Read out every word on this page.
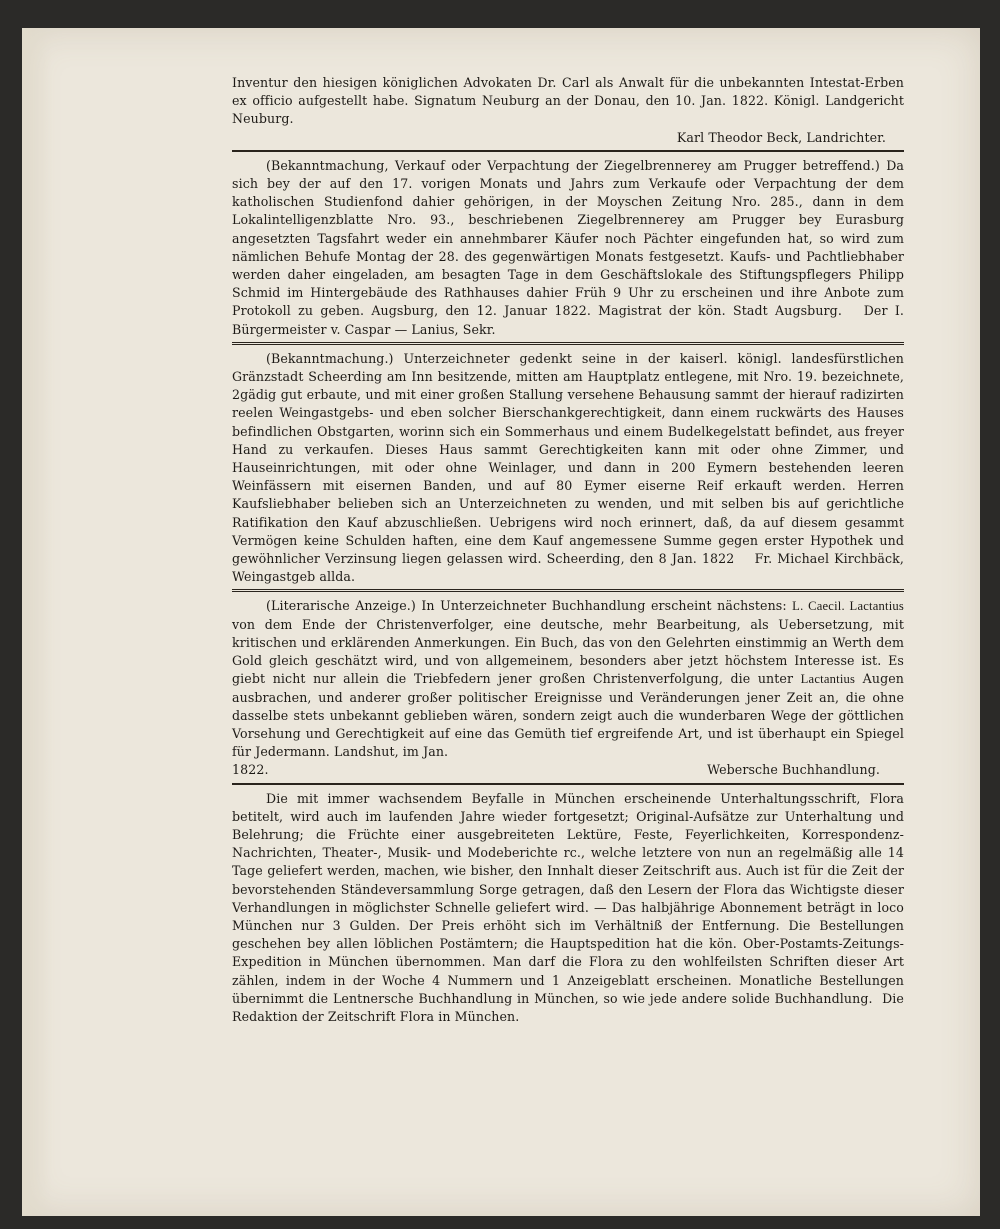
Inventur den hiesigen königlichen Advokaten Dr. Carl als Anwalt für die unbekannten Intestat-Erben ex officio aufgestellt habe. Signatum Neuburg an der Donau, den 10. Jan. 1822. Königl. Landgericht Neuburg.

Karl Theodor Beck, Landrichter.

(Bekanntmachung, Verkauf oder Verpachtung der Ziegelbrennerey am Prugger betreffend.) Da sich bey der auf den 17. vorigen Monats und Jahrs zum Verkaufe oder Verpachtung der dem katholischen Studienfond dahier gehörigen, in der Moyschen Zeitung Nro. 285., dann in dem Lokalintelligenzblatte Nro. 93., beschriebenen Ziegelbrennerey am Prugger bey Eurasburg angesetzten Tagsfahrt weder ein annehmbarer Käufer noch Pächter eingefunden hat, so wird zum nämlichen Behufe Montag der 28. des gegenwärtigen Monats festgesetzt. Kaufs- und Pachtliebhaber werden daher eingeladen, am besagten Tage in dem Geschäftslokale des Stiftungspflegers Philipp Schmid im Hintergebäude des Rathhauses dahier Früh 9 Uhr zu erscheinen und ihre Anbote zum Protokoll zu geben. Augsburg, den 12. Januar 1822. Magistrat der kön. Stadt Augsburg. Der I. Bürgermeister v. Caspar — Lanius, Sekr.

(Bekanntmachung.) Unterzeichneter gedenkt seine in der kaiserl. königl. landesfürstlichen Gränzstadt Scheerding am Inn besitzende, mitten am Hauptplatz entlegene, mit Nro. 19. bezeichnete, 2gädig gut erbaute, und mit einer großen Stallung versehene Behausung sammt der hierauf radizirten reelen Weingastgebs- und eben solcher Bierschankgerechtigkeit, dann einem ruckwärts des Hauses befindlichen Obstgarten, worinn sich ein Sommerhaus und einem Budelkegelstatt befindet, aus freyer Hand zu verkaufen. Dieses Haus sammt Gerechtigkeiten kann mit oder ohne Zimmer, und Hauseinrichtungen, mit oder ohne Weinlager, und dann in 200 Eymern bestehenden leeren Weinfässern mit eisernen Banden, und auf 80 Eymer eiserne Reif erkauft werden. Herren Kaufsliebhaber belieben sich an Unterzeichneten zu wenden, und mit selben bis auf gerichtliche Ratifikation den Kauf abzuschließen. Uebrigens wird noch erinnert, daß, da auf diesem gesammt Vermögen keine Schulden haften, eine dem Kauf angemessene Summe gegen erster Hypothek und gewöhnlicher Verzinsung liegen gelassen wird. Scheerding, den 8 Jan. 1822 Fr. Michael Kirchbäck, Weingastgeb allda.

(Literarische Anzeige.) In Unterzeichneter Buchhandlung erscheint nächstens: L. Caecil. Lactantius von dem Ende der Christenverfolger, eine deutsche, mehr Bearbeitung, als Uebersetzung, mit kritischen und erklärenden Anmerkungen. Ein Buch, das von den Gelehrten einstimmig an Werth dem Gold gleich geschätzt wird, und von allgemeinem, besonders aber jetzt höchstem Interesse ist. Es giebt nicht nur allein die Triebfedern jener großen Christenverfolgung, die unter Lactantius Augen ausbrachen, und anderer großer politischer Ereignisse und Veränderungen jener Zeit an, die ohne dasselbe stets unbekannt geblieben wären, sondern zeigt auch die wunderbaren Wege der göttlichen Vorsehung und Gerechtigkeit auf eine das Gemüth tief ergreifende Art, und ist überhaupt ein Spiegel für Jedermann. Landshut, im Jan.

1822.	Webersche Buchhandlung.

Die mit immer wachsendem Beyfalle in München erscheinende Unterhaltungsschrift, Flora betitelt, wird auch im laufenden Jahre wieder fortgesetzt; Original-Aufsätze zur Unterhaltung und Belehrung; die Früchte einer ausgebreiteten Lektüre, Feste, Feyerlichkeiten, Korrespondenz-Nachrichten, Theater-, Musik- und Modeberichte rc., welche letztere von nun an regelmäßig alle 14 Tage geliefert werden, machen, wie bisher, den Innhalt dieser Zeitschrift aus. Auch ist für die Zeit der bevorstehenden Ständeversammlung Sorge getragen, daß den Lesern der Flora das Wichtigste dieser Verhandlungen in möglichster Schnelle geliefert wird. — Das halbjährige Abonnement beträgt in loco München nur 3 Gulden. Der Preis erhöht sich im Verhältniß der Entfernung. Die Bestellungen geschehen bey allen löblichen Postämtern; die Hauptspedition hat die kön. Ober-Postamts-Zeitungs-Expedition in München übernommen. Man darf die Flora zu den wohlfeilsten Schriften dieser Art zählen, indem in der Woche 4 Nummern und 1 Anzeigeblatt erscheinen. Monatliche Bestellungen übernimmt die Lentnersche Buchhandlung in München, so wie jede andere solide Buchhandlung. Die Redaktion der Zeitschrift Flora in München.
